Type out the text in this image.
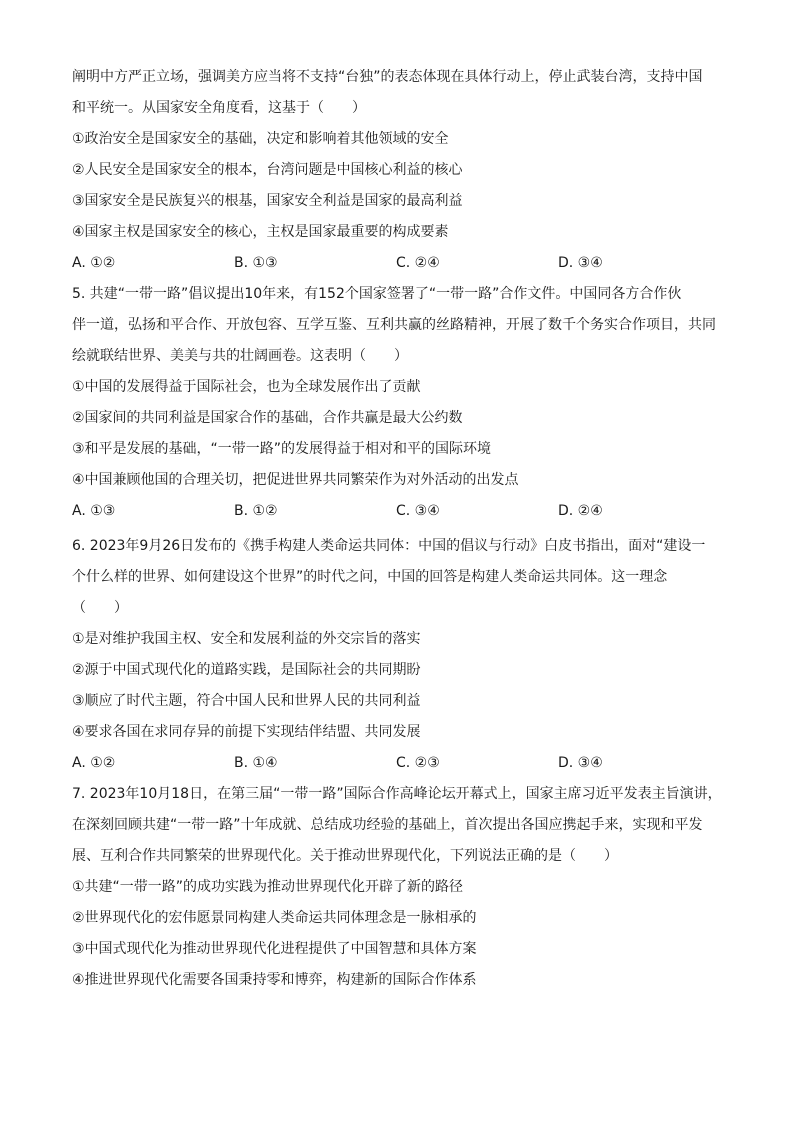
阐明中方严正立场，强调美方应当将不支持“台独”的表态体现在具体行动上，停止武装台湾，支持中国
和平统一。从国家安全角度看，这基于（　　）
①政治安全是国家安全的基础，决定和影响着其他领域的安全
②人民安全是国家安全的根本，台湾问题是中国核心利益的核心
③国家安全是民族复兴的根基，国家安全利益是国家的最高利益
④国家主权是国家安全的核心，主权是国家最重要的构成要素
A. ①②	B. ①③	C. ②④	D. ③④
5. 共建“一带一路”倡议提出10年来，有152个国家签署了“一带一路”合作文件。中国同各方合作伙
伴一道，弘扬和平合作、开放包容、互学互鉴、互利共赢的丝路精神，开展了数千个务实合作项目，共同
绘就联结世界、美美与共的壮阔画卷。这表明（　　）
①中国的发展得益于国际社会，也为全球发展作出了贡献
②国家间的共同利益是国家合作的基础，合作共赢是最大公约数
③和平是发展的基础，“一带一路”的发展得益于相对和平的国际环境
④中国兼顾他国的合理关切，把促进世界共同繁荣作为对外活动的出发点
A. ①③	B. ①②	C. ③④	D. ②④
6. 2023年9月26日发布的《携手构建人类命运共同体：中国的倡议与行动》白皮书指出，面对“建设一
个什么样的世界、如何建设这个世界”的时代之问，中国的回答是构建人类命运共同体。这一理念
（　　）
①是对维护我国主权、安全和发展利益的外交宗旨的落实
②源于中国式现代化的道路实践，是国际社会的共同期盼
③顺应了时代主题，符合中国人民和世界人民的共同利益
④要求各国在求同存异的前提下实现结伴结盟、共同发展
A. ①②	B. ①④	C. ②③	D. ③④
7. 2023年10月18日，在第三届“一带一路”国际合作高峰论坛开幕式上，国家主席习近平发表主旨演讲，
在深刻回顾共建“一带一路”十年成就、总结成功经验的基础上，首次提出各国应携起手来，实现和平发
展、互利合作共同繁荣的世界现代化。关于推动世界现代化，下列说法正确的是（　　）
①共建“一带一路”的成功实践为推动世界现代化开辟了新的路径
②世界现代化的宏伟愿景同构建人类命运共同体理念是一脉相承的
③中国式现代化为推动世界现代化进程提供了中国智慧和具体方案
④推进世界现代化需要各国秉持零和博弈，构建新的国际合作体系
